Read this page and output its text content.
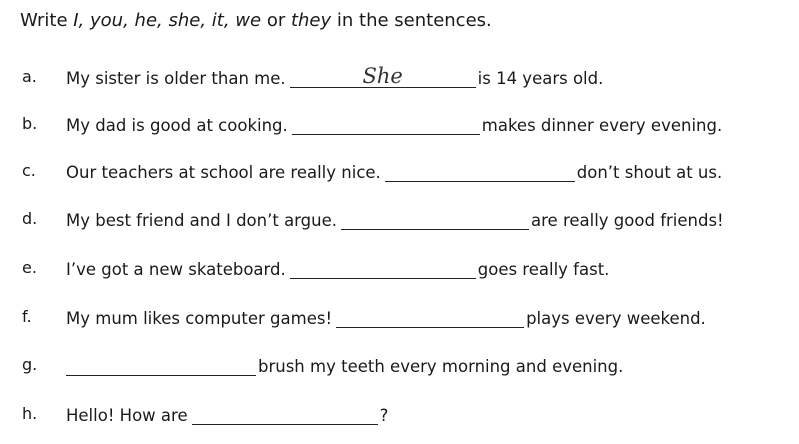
Write I, you, he, she, it, we or they in the sentences.
a. My sister is older than me.	She	is 14 years old.
b. My dad is good at cooking.	makes dinner every evening.
c. Our teachers at school are really nice.	don’t shout at us.
d. My best friend and I don’t argue.	are really good friends!
e. I’ve got a new skateboard.	goes really fast.
f. My mum likes computer games!	plays every weekend.
g.	brush my teeth every morning and evening.
h. Hello! How are	?
